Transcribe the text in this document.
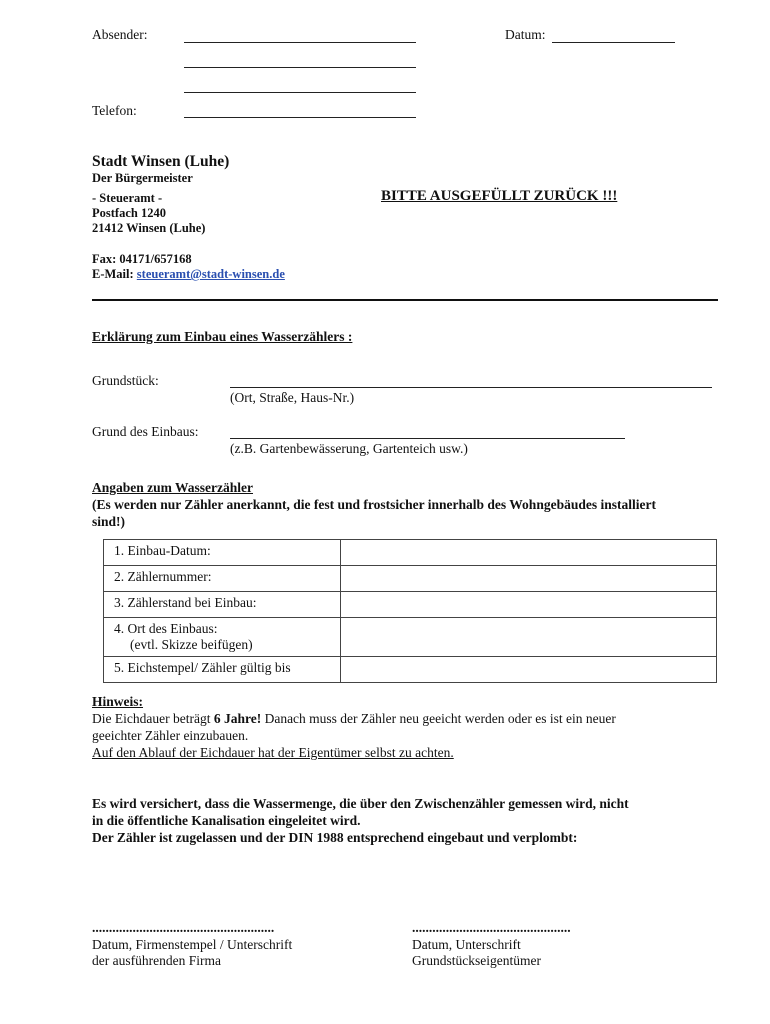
Absender:
Telefon:
Datum:
Stadt Winsen (Luhe)
Der Bürgermeister
- Steueramt -
Postfach 1240
21412 Winsen (Luhe)
Fax: 04171/657168
E-Mail: steueramt@stadt-winsen.de
BITTE AUSGEFÜLLT ZURÜCK !!!
Erklärung zum Einbau eines Wasserzählers :
Grundstück:
(Ort, Straße, Haus-Nr.)
Grund des Einbaus:
(z.B. Gartenbewässerung, Gartenteich usw.)
Angaben zum Wasserzähler
(Es werden nur Zähler anerkannt, die fest und frostsicher innerhalb des Wohngebäudes installiert sind!)
1. Einbau-Datum:	
2. Zählernummer:	
3. Zählerstand bei Einbau:	

4. Ort des Einbaus:
(evtl. Skizze beifügen)	

5. Eichstempel/ Zähler gültig bis	
Hinweis:
Die Eichdauer beträgt 6 Jahre! Danach muss der Zähler neu geeicht werden oder es ist ein neuer
geeichter Zähler einzubauen.
Auf den Ablauf der Eichdauer hat der Eigentümer selbst zu achten.
Es wird versichert, dass die Wassermenge, die über den Zwischenzähler gemessen wird, nicht
in die öffentliche Kanalisation eingeleitet wird.
Der Zähler ist zugelassen und der DIN 1988 entsprechend eingebaut und verplombt:
......................................................
Datum, Firmenstempel / Unterschrift
der ausführenden Firma
...............................................
Datum, Unterschrift
Grundstückseigentümer
